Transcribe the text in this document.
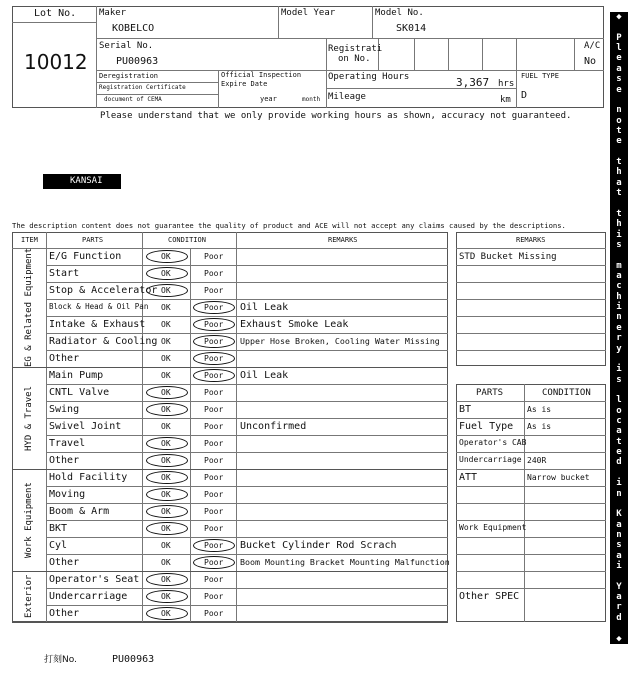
Lot No.
10012
Maker
KOBELCO
Model Year	Model No.
SK014
Serial No.
PU00963
Registrati
on No.
A/C
No
Deregistration
Registration Certificate
document of CEMA
Official Inspection
Expire Date
year	month
Operating Hours	3,367 hrs
Mileage	km
FUEL TYPE
D
Please understand that we only provide working hours as shown, accuracy not guaranteed.
KANSAI
The description content does not guarantee the quality of product and ACE will not accept any claims caused by the descriptions.
ITEM	PARTS	CONDITION	REMARKS
EG & Related Equipment E/G Function	OK	Poor
Start	OK	Poor
Stop & Accelerator OK	Poor
Block & Head & Oil Pan OK	Poor Oil Leak
Intake & Exhaust OK	Poor Exhaust Smoke Leak
Radiator & Cooling OK	Poor Upper Hose Broken, Cooling Water Missing
Other	OK	Poor
HYD & Travel
Main Pump	OK	Poor Oil Leak
CNTL Valve	OK	Poor
Swing	OK	Poor
Swivel Joint	OK	Poor Unconfirmed
Travel	OK	Poor
Other	OK	Poor
Work Equipment
Hold Facility	OK	Poor
Moving	OK	Poor
Boom & Arm	OK	Poor
BKT	OK	Poor
Cyl	OK	Poor Bucket Cylinder Rod Scrach
Other	OK	Poor Boom Mounting Bracket Mounting Malfunction
Exterior Operator's Seat	OK	Poor
Undercarriage	OK	Poor
Other	OK	Poor
REMARKS
STD Bucket Missing
PARTS	CONDITION
BT	As is
Fuel Type As is
Operator's CAB
Undercarriage 240R
ATT	Narrow bucket
Work Equipment
Other SPEC
打刻No.	PU00963
◆

P
l
e
a
s
e

n
o
t
e

t
h
a
t

t
h
i
s

m
a
c
h
i
n
e
r
y

i
s

l
o
c
a
t
e
d

i
n

K
a
n
s
a
i

Y
a
r
d

◆
